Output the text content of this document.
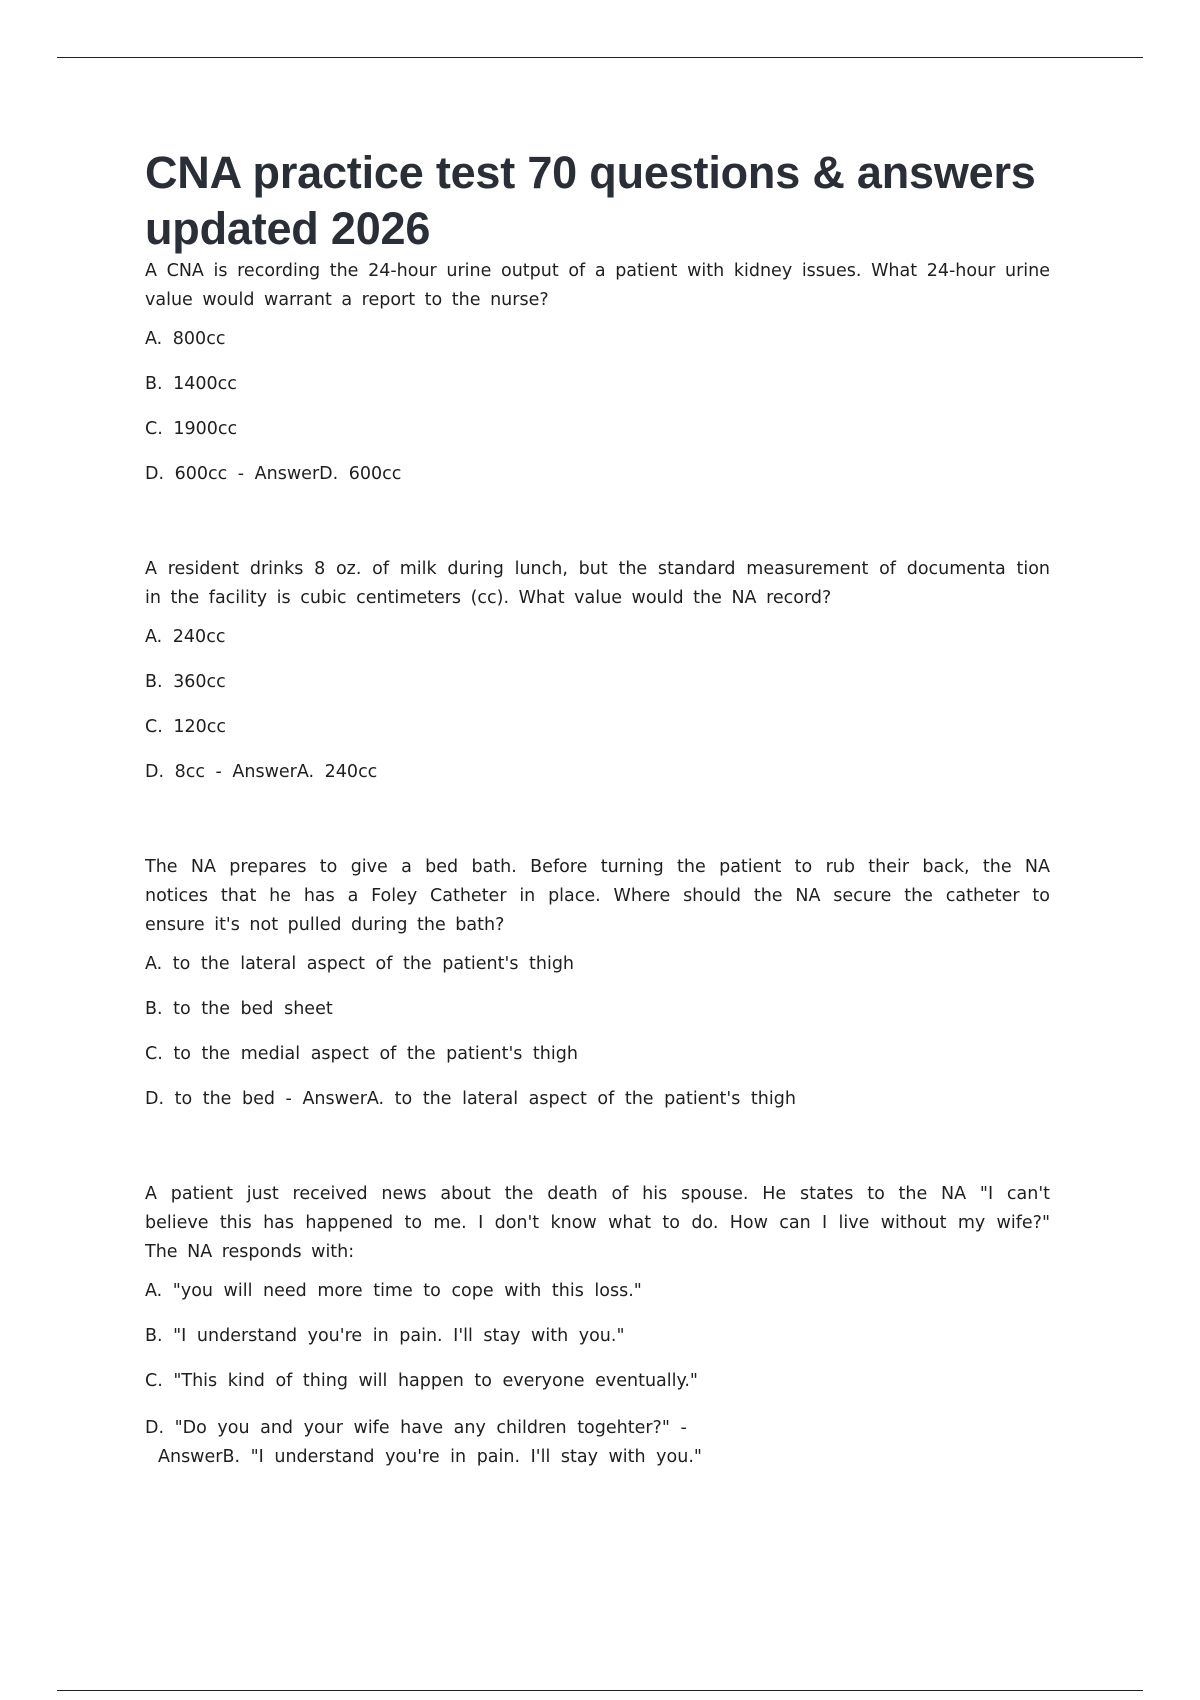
CNA practice test 70 questions & answers updated 2026

A CNA is recording the 24-hour urine output of a patient with kidney issues. What 24-hour urine value would warrant a report to the nurse?

A. 800cc
B. 1400cc
C. 1900cc
D. 600cc - AnswerD. 600cc

A resident drinks 8 oz. of milk during lunch, but the standard measurement of documenta tion in the facility is cubic centimeters (cc). What value would the NA record?

A. 240cc
B. 360cc
C. 120cc
D. 8cc - AnswerA. 240cc

The NA prepares to give a bed bath. Before turning the patient to rub their back, the NA notices that he has a Foley Catheter in place. Where should the NA secure the catheter to ensure it's not pulled during the bath?

A. to the lateral aspect of the patient's thigh
B. to the bed sheet
C. to the medial aspect of the patient's thigh
D. to the bed - AnswerA. to the lateral aspect of the patient's thigh

A patient just received news about the death of his spouse. He states to the NA "I can't believe this has happened to me. I don't know what to do. How can I live without my wife?" The NA responds with:

A. "you will need more time to cope with this loss."
B. "I understand you're in pain. I'll stay with you."
C. "This kind of thing will happen to everyone eventually."
D. "Do you and your wife have any children togehter?" -
AnswerB. "I understand you're in pain. I'll stay with you."
